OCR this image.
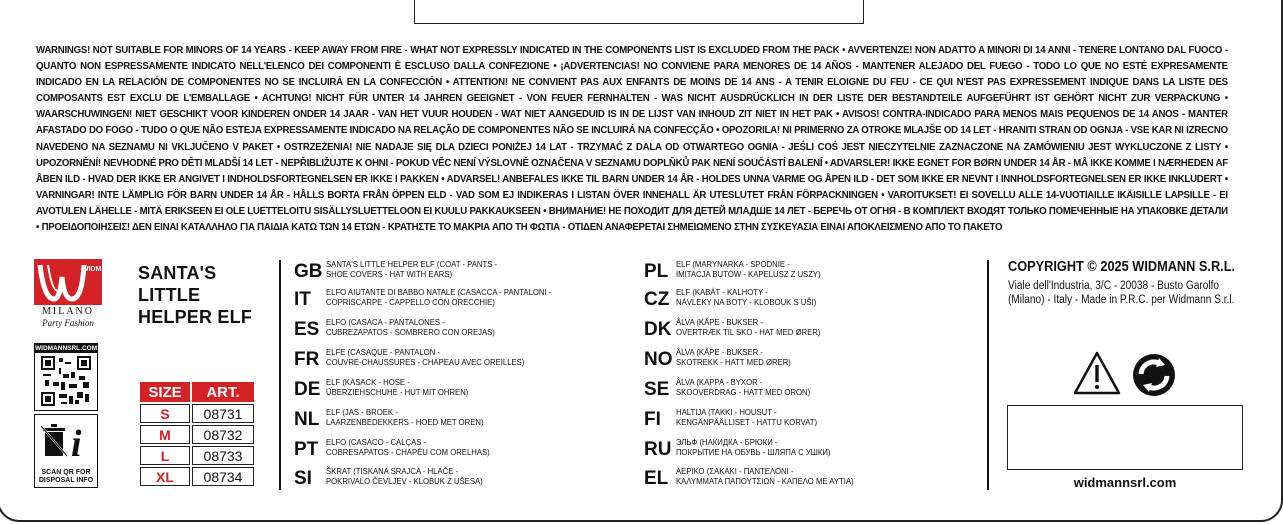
WARNINGS! NOT SUITABLE FOR MINORS OF 14 YEARS - KEEP AWAY FROM FIRE - WHAT NOT EXPRESSLY INDICATED IN THE COMPONENTS LIST IS EXCLUDED FROM THE PACK • AVVERTENZE! NON ADATTO A MINORI DI 14 ANNI - TENERE LONTANO DAL FUOCO - QUANTO NON ESPRESSAMENTE INDICATO NELL'ELENCO DEI COMPONENTI È ESCLUSO DALLA CONFEZIONE • ¡ADVERTENCIAS! NO CONVIENE PARA MENORES DE 14 AÑOS - MANTENER ALEJADO DEL FUEGO - TODO LO QUE NO ESTÉ EXPRESAMENTE INDICADO EN LA RELACIÓN DE COMPONENTES NO SE INCLUIRÁ EN LA CONFECCIÓN • ATTENTION! NE CONVIENT PAS AUX ENFANTS DE MOINS DE 14 ANS - A TENIR ELOIGNE DU FEU - CE QUI N'EST PAS EXPRESSEMENT INDIQUE DANS LA LISTE DES COMPOSANTS EST EXCLU DE L'EMBALLAGE • ACHTUNG! NICHT FÜR UNTER 14 JAHREN GEEIGNET - VON FEUER FERNHALTEN - WAS NICHT AUSDRÜCKLICH IN DER LISTE DER BESTANDTEILE AUFGEFÜHRT IST GEHÖRT NICHT ZUR VERPACKUNG • WAARSCHUWINGEN! NIET GESCHIKT VOOR KINDEREN ONDER 14 JAAR - VAN HET VUUR HOUDEN - WAT NIET AANGEDUID IS IN DE LIJST VAN INHOUD ZIT NIET IN HET PAK • AVISOS! CONTRA-INDICADO PARA MENOS MAIS PEQUENOS DE 14 ANOS - MANTER AFASTADO DO FOGO - TUDO O QUE NÃO ESTEJA EXPRESSAMENTE INDICADO NA RELAÇÃO DE COMPONENTES NÃO SE INCLUIRÁ NA CONFECÇÃO • OPOZORILA! NI PRIMERNO ZA OTROKE MLAJŠE OD 14 LET - HRANITI STRAN OD OGNJA - VSE KAR NI IZRECNO NAVEDENO NA SEZNAMU NI VKLJUČENO V PAKET • OSTRZEŻENIA! NIE NADAJE SIĘ DLA DZIECI PONIŻEJ 14 LAT - TRZYMAĆ Z DALA OD OTWARTEGO OGNIA - JEŚLI COŚ JEST NIECZYTELNIE ZAZNACZONE NA ZAMÓWIENIU JEST WYKLUCZONE Z LISTY • UPOZORNĚNÍ! NEVHODNÉ PRO DĚTI MLADŠÍ 14 LET - NEPŘIBLIŽUJTE K OHNI - POKUD VĚC NENÍ VÝSLOVNĚ OZNAČENA V SEZNAMU DOPLŇKŮ PAK NENÍ SOUČÁSTÍ BALENÍ • ADVARSLER! IKKE EGNET FOR BØRN UNDER 14 ÅR - MÅ IKKE KOMME I NÆRHEDEN AF ÅBEN ILD - HVAD DER IKKE ER ANGIVET I INDHOLDSFORTEGNELSEN ER IKKE I PAKKEN • ADVARSEL! ANBEFALES IKKE TIL BARN UNDER 14 ÅR - HOLDES UNNA VARME OG ÅPEN ILD - DET SOM IKKE ER NEVNT I INNHOLDSFORTEGNELSEN ER IKKE INKLUDERT • VARNINGAR! INTE LÄMPLIG FÖR BARN UNDER 14 ÅR - HÅLLS BORTA FRÅN ÖPPEN ELD - VAD SOM EJ INDIKERAS I LISTAN ÖVER INNEHALL ÄR UTESLUTET FRÅN FÖRPACKNINGEN • VAROITUKSET! EI SOVELLU ALLE 14-VUOTIAILLE IKÄISILLE LAPSILLE - EI AVOTULEN LÄHELLE - MITÄ ERIKSEEN EI OLE LUETTELOITU SISÄLLYSLUETTELOON EI KUULU PAKKAUKSEEN • ВНИМАНИЕ! НЕ ПОХОДИТ ДЛЯ ДЕТЕЙ МЛАДШЕ 14 ЛЕТ - БЕРЕЧЬ ОТ ОГНЯ - В КОМПЛЕКТ ВХОДЯТ ТОЛЬКО ПОМЕЧЕННЫЕ НА УПАКОВКЕ ДЕТАЛИ • ΠΡΟΕΙΔΟΠΟΙΗΣΕΙΣ! ΔΕΝ ΕΙΝΑΙ ΚΑΤΑΛΛΗΛΟ ΓΙΑ ΠΑΙΔΙΑ ΚΑΤΩ ΤΩΝ 14 ΕΤΩΝ - ΚΡΑΤΗΣΤΕ ΤΟ ΜΑΚΡΙΑ ΑΠΟ ΤΗ ΦΩΤΙΑ - ΟΤΙΔΕΝ ΑΝΑΦΕΡΕΤΑΙ ΣΗΜΕΙΩΜΕΝΟ ΣΤΗΝ ΣΥΣΚΕΥΑΣΙΑ ΕΙΝΑΙ ΑΠΟΚΛΕΙΣΜΕΝΟ ΑΠΟ ΤΟ ΠΑΚΕΤΟ
WIDMANN
MILANO
Party Fashion
WIDMANNSRL.COM
i
SCAN QR FOR
DISPOSAL INFO
SANTA'S
LITTLE
HELPER ELF
SIZE	ART.
S	08731
M	08732
L	08733
XL	08734
GB SANTA'S LITTLE HELPER ELF (COAT - PANTS -
SHOE COVERS - HAT WITH EARS)
IT	ELFO AIUTANTE DI BABBO NATALE (CASACCA - PANTALONI -
COPRISCARPE - CAPPELLO CON ORECCHIE)
ES ELFO (CASACA - PANTALONES -
CUBREZAPATOS - SOMBRERO CON OREJAS)
FR ELFE (CASAQUE - PANTALON -
COUVRE-CHAUSSURES - CHAPEAU AVEC OREILLES)
DE ELF (KASACK - HOSE -
ÜBERZIEHSCHUHE - HUT MIT OHREN)
NL ELF (JAS - BROEK -
LAARZENBEDEKKERS - HOED MET OREN)
PT ELFO (CASACO - CALÇAS -
COBRESAPATOS - CHAPÉU COM ORELHAS)
SI	ŠKRAT (TISKANA SRAJCA - HLAČE -
POKRIVALO ČEVLJEV - KLOBUK Z UŠESA)
PL ELF (MARYNARKA - SPODNIE -
IMITACJA BUTÓW - KAPELUSZ Z USZY)
CZ ELF (KABÁT - KALHOTY -
NÁVLEKY NA BOTY - KLOBOUK S UŠI)
DK ÅLVA (KÅPE - BUKSER -
OVERTRÆK TIL SKO - HAT MED ØRER)
NO ÅLVA (KÅPE - BUKSER -
SKOTREKK - HATT MED ØRER)
SE ÅLVA (KAPPA - BYXOR -
SKOOVERDRAG - HATT MED ORON)
FI	HALTIJA (TAKKI - HOUSUT -
KENGÄNPÄÄLLISET - HATTU KORVAT)
RU ЭЛЬФ (НАКИДКА - БРЮКИ -
ПОКРЫТИЕ НА ОБУВЬ - ШЛЯПА С УШКИ)
EL ΑΕΡΙΚΟ (ΣΑΚΑΚΙ - ΠΑΝΤΕΛΟΝΙ -
ΚΑΛΥΜΜΑΤΑ ΠΑΠΟΥΤΣΙΩΝ - ΚΑΠΕΛΟ ΜΕ ΑΥΤΙΑ)
COPYRIGHT © 2025 WIDMANN S.R.L.
Viale dell'Industria, 3/C - 20038 - Busto Garolfo
(Milano) - Italy - Made in P.R.C. per Widmann S.r.l.
widmannsrl.com
